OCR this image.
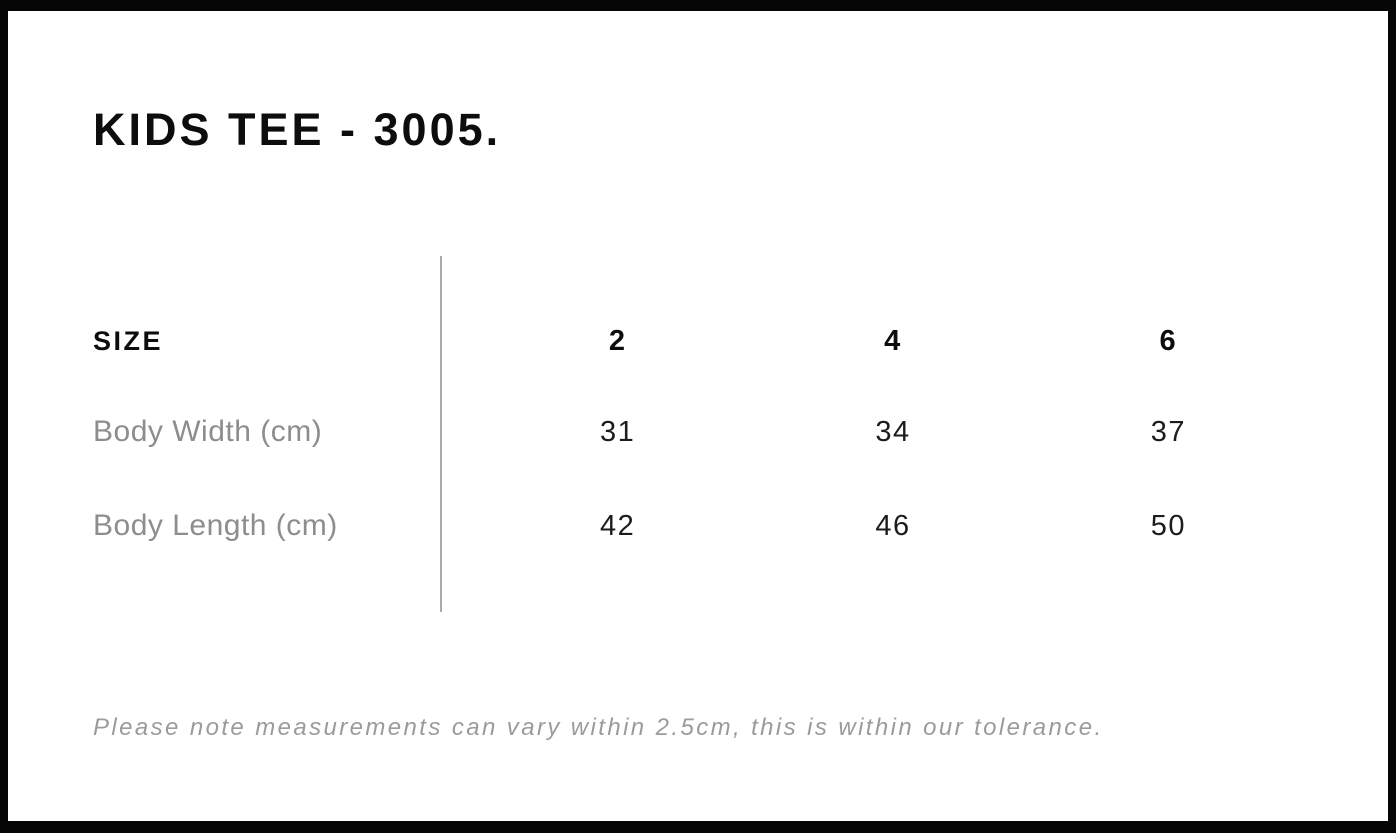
KIDS TEE - 3005.
SIZE	2	4	6
Body Width (cm)	31	34	37
Body Length (cm)	42	46	50

Please note measurements can vary within 2.5cm, this is within our tolerance.
